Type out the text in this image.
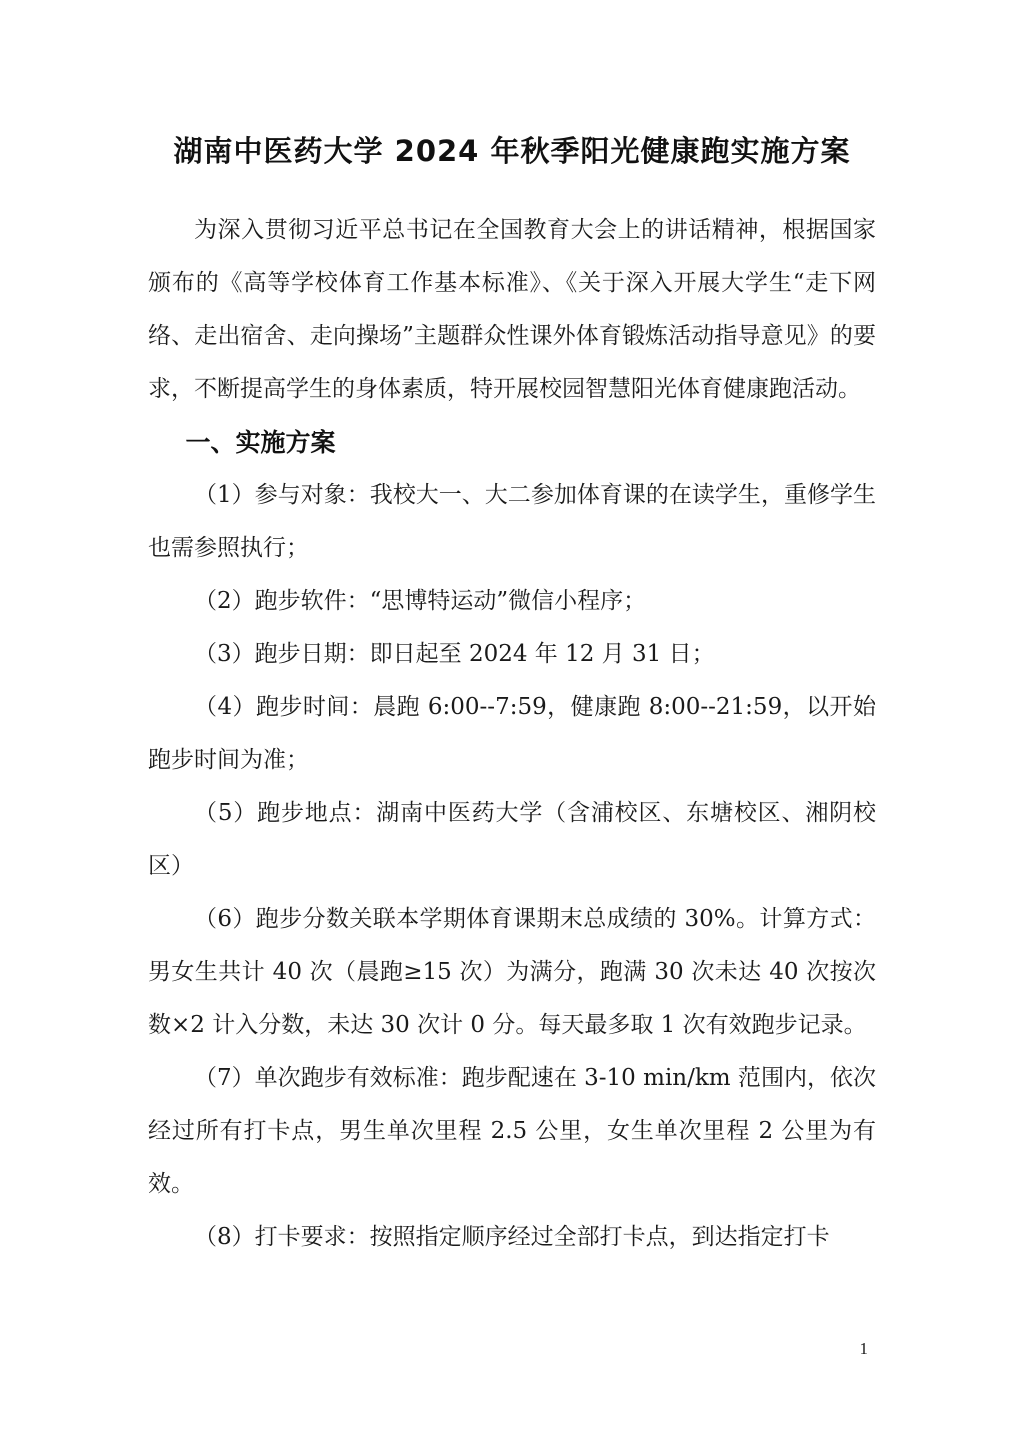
湖南中医药大学 2024 年秋季阳光健康跑实施方案

为深入贯彻习近平总书记在全国教育大会上的讲话精神，根据国家颁布的《高等学校体育工作基本标准》、《关于深入开展大学生“走下网络、走出宿舍、走向操场”主题群众性课外体育锻炼活动指导意见》的要求，不断提高学生的身体素质，特开展校园智慧阳光体育健康跑活动。

一、实施方案

（1）参与对象：我校大一、大二参加体育课的在读学生，重修学生也需参照执行；

（2）跑步软件：“思博特运动”微信小程序；

（3）跑步日期：即日起至 2024 年 12 月 31 日；

（4）跑步时间：晨跑 6:00--7:59，健康跑 8:00--21:59，以开始跑步时间为准；

（5）跑步地点：湖南中医药大学（含浦校区、东塘校区、湘阴校区）

（6）跑步分数关联本学期体育课期末总成绩的 30%。计算方式：男女生共计 40 次（晨跑≥15 次）为满分，跑满 30 次未达 40 次按次数×2 计入分数，未达 30 次计 0 分。每天最多取 1 次有效跑步记录。

（7）单次跑步有效标准：跑步配速在 3-10 min/km 范围内，依次经过所有打卡点，男生单次里程 2.5 公里，女生单次里程 2 公里为有效。

（8）打卡要求：按照指定顺序经过全部打卡点，到达指定打卡

1
